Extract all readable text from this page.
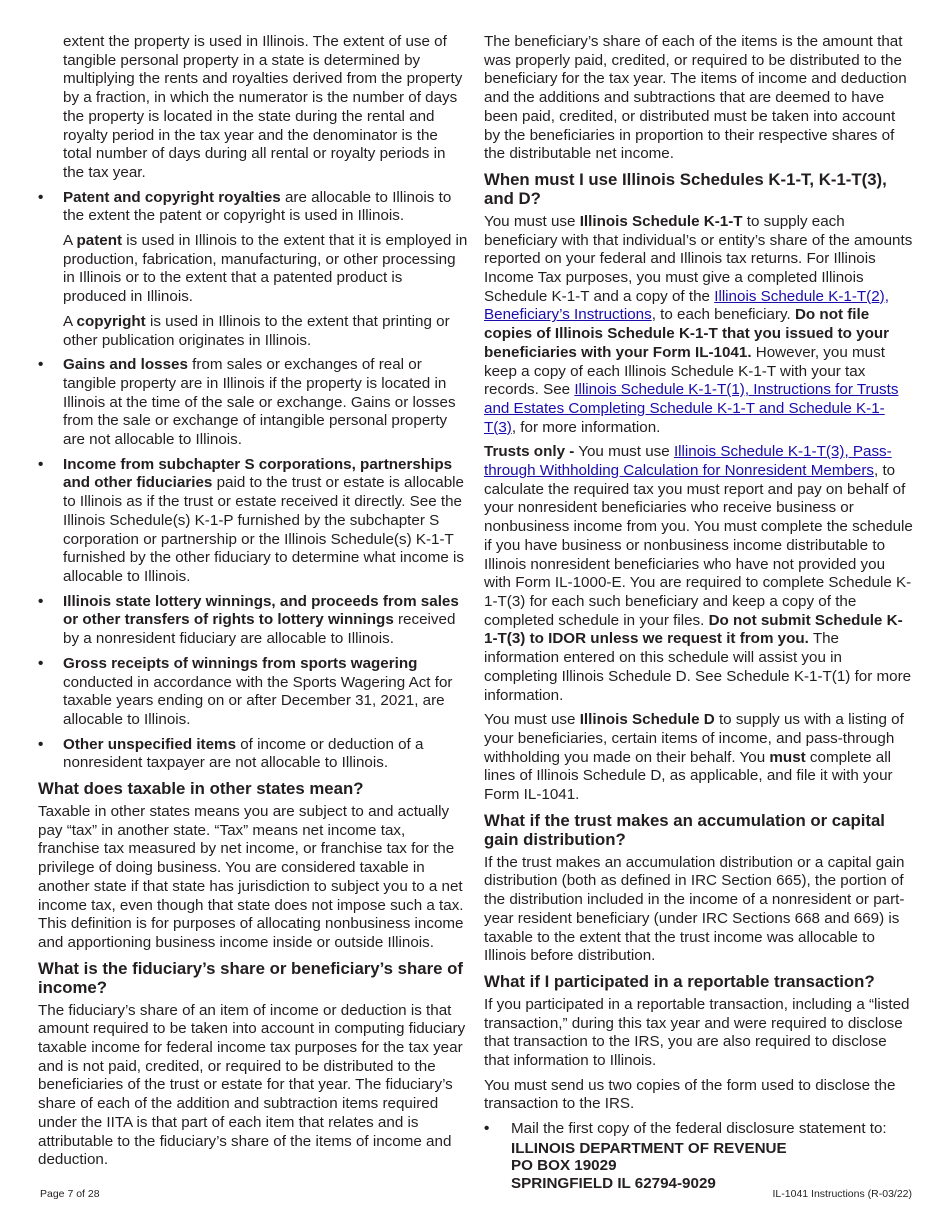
extent the property is used in Illinois. The extent of use of tangible personal property in a state is determined by multiplying the rents and royalties derived from the property by a fraction, in which the numerator is the number of days the property is located in the state during the rental and royalty period in the tax year and the denominator is the total number of days during all rental or royalty periods in the tax year.

• Patent and copyright royalties are allocable to Illinois to the extent the patent or copyright is used in Illinois.

A patent is used in Illinois to the extent that it is employed in production, fabrication, manufacturing, or other processing in Illinois or to the extent that a patented product is produced in Illinois.

A copyright is used in Illinois to the extent that printing or other publication originates in Illinois.

• Gains and losses from sales or exchanges of real or tangible property are in Illinois if the property is located in Illinois at the time of the sale or exchange. Gains or losses from the sale or exchange of intangible personal property are not allocable to Illinois.

• Income from subchapter S corporations, partnerships and other fiduciaries paid to the trust or estate is allocable to Illinois as if the trust or estate received it directly. See the Illinois Schedule(s) K-1-P furnished by the subchapter S corporation or partnership or the Illinois Schedule(s) K-1-T furnished by the other fiduciary to determine what income is allocable to Illinois.

• Illinois state lottery winnings, and proceeds from sales or other transfers of rights to lottery winnings received by a nonresident fiduciary are allocable to Illinois.

• Gross receipts of winnings from sports wagering conducted in accordance with the Sports Wagering Act for taxable years ending on or after December 31, 2021, are allocable to Illinois.

• Other unspecified items of income or deduction of a nonresident taxpayer are not allocable to Illinois.

What does taxable in other states mean?

Taxable in other states means you are subject to and actually pay “tax” in another state. “Tax” means net income tax, franchise tax measured by net income, or franchise tax for the privilege of doing business. You are considered taxable in another state if that state has jurisdiction to subject you to a net income tax, even though that state does not impose such a tax. This definition is for purposes of allocating nonbusiness income and apportioning business income inside or outside Illinois.

What is the fiduciary’s share or beneficiary’s share of income?

The fiduciary’s share of an item of income or deduction is that amount required to be taken into account in computing fiduciary taxable income for federal income tax purposes for the tax year and is not paid, credited, or required to be distributed to the beneficiaries of the trust or estate for that year. The fiduciary’s share of each of the addition and subtraction items required under the IITA is that part of each item that relates and is attributable to the fiduciary’s share of the items of income and deduction.

The beneficiary’s share of each of the items is the amount that was properly paid, credited, or required to be distributed to the beneficiary for the tax year. The items of income and deduction and the additions and subtractions that are deemed to have been paid, credited, or distributed must be taken into account by the beneficiaries in proportion to their respective shares of the distributable net income.

When must I use Illinois Schedules K-1-T, K-1-T(3), and D?

You must use Illinois Schedule K-1-T to supply each beneficiary with that individual’s or entity’s share of the amounts reported on your federal and Illinois tax returns. For Illinois Income Tax purposes, you must give a completed Illinois Schedule K-1-T and a copy of the Illinois Schedule K-1-T(2), Beneficiary’s Instructions, to each beneficiary. Do not file copies of Illinois Schedule K-1-T that you issued to your beneficiaries with your Form IL-1041. However, you must keep a copy of each Illinois Schedule K-1-T with your tax records. See Illinois Schedule K-1-T(1), Instructions for Trusts and Estates Completing Schedule K-1-T and Schedule K-1-T(3), for more information.

Trusts only - You must use Illinois Schedule K-1-T(3), Pass-through Withholding Calculation for Nonresident Members, to calculate the required tax you must report and pay on behalf of your nonresident beneficiaries who receive business or nonbusiness income from you. You must complete the schedule if you have business or nonbusiness income distributable to Illinois nonresident beneficiaries who have not provided you with Form IL-1000-E. You are required to complete Schedule K-1-T(3) for each such beneficiary and keep a copy of the completed schedule in your files. Do not submit Schedule K-1-T(3) to IDOR unless we request it from you. The information entered on this schedule will assist you in completing Illinois Schedule D. See Schedule K-1-T(1) for more information.

You must use Illinois Schedule D to supply us with a listing of your beneficiaries, certain items of income, and pass-through withholding you made on their behalf. You must complete all lines of Illinois Schedule D, as applicable, and file it with your Form IL-1041.

What if the trust makes an accumulation or capital gain distribution?

If the trust makes an accumulation distribution or a capital gain distribution (both as defined in IRC Section 665), the portion of the distribution included in the income of a nonresident or part-year resident beneficiary (under IRC Sections 668 and 669) is taxable to the extent that the trust income was allocable to Illinois before distribution.

What if I participated in a reportable transaction?

If you participated in a reportable transaction, including a “listed transaction,” during this tax year and were required to disclose that transaction to the IRS, you are also required to disclose that information to Illinois.

You must send us two copies of the form used to disclose the transaction to the IRS.

• Mail the first copy of the federal disclosure statement to:
ILLINOIS DEPARTMENT OF REVENUE
PO BOX 19029
SPRINGFIELD IL 62794-9029
Page 7 of 28	IL-1041 Instructions (R-03/22)
